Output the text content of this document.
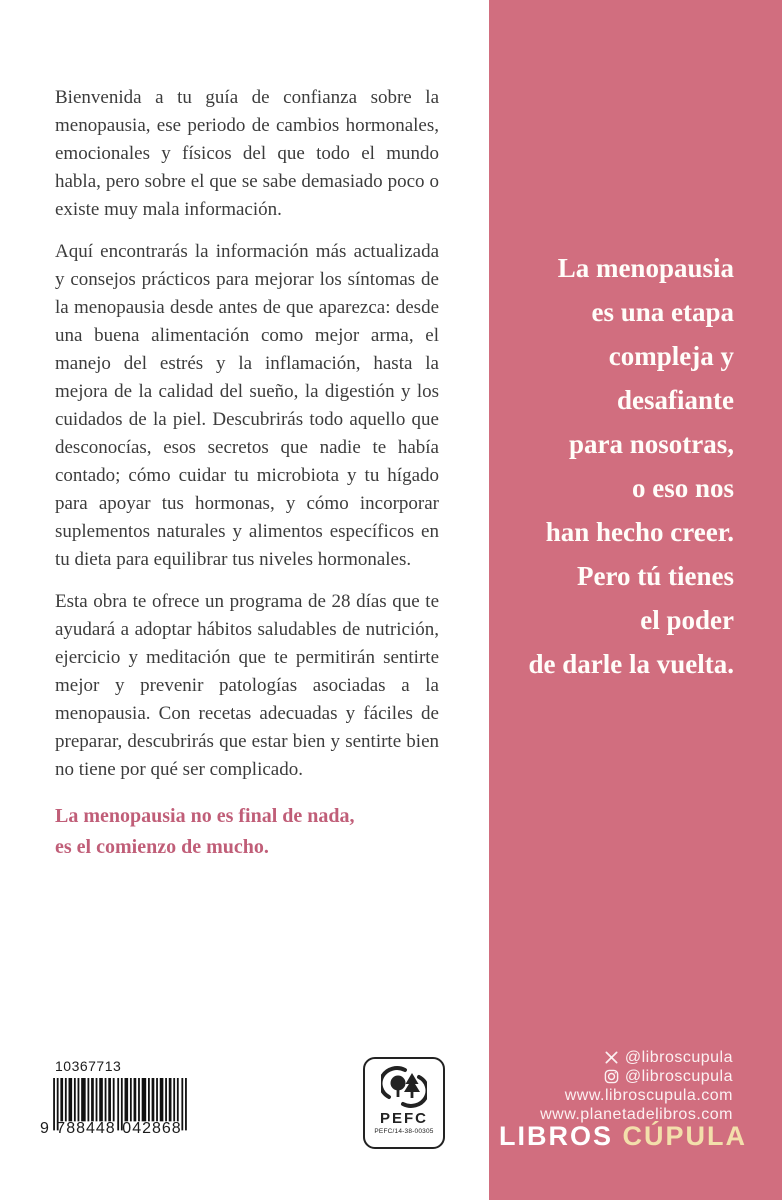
Bienvenida a tu guía de confianza sobre la menopausia, ese periodo de cambios hormonales, emocionales y físicos del que todo el mundo habla, pero sobre el que se sabe demasiado poco o existe muy mala información.

Aquí encontrarás la información más actualizada y consejos prácticos para mejorar los síntomas de la menopausia desde antes de que aparezca: desde una buena alimentación como mejor arma, el manejo del estrés y la inflamación, hasta la mejora de la calidad del sueño, la digestión y los cuidados de la piel. Descubrirás todo aquello que desconocías, esos secretos que nadie te había contado; cómo cuidar tu microbiota y tu hígado para apoyar tus hormonas, y cómo incorporar suplementos naturales y alimentos específicos en tu dieta para equilibrar tus niveles hormonales.

Esta obra te ofrece un programa de 28 días que te ayudará a adoptar hábitos saludables de nutrición, ejercicio y meditación que te permitirán sentirte mejor y prevenir patologías asociadas a la menopausia. Con recetas adecuadas y fáciles de preparar, descubrirás que estar bien y sentirte bien no tiene por qué ser complicado.

La menopausia no es final de nada,
es el comienzo de mucho.
La menopausia
es una etapa
compleja y
desafiante
para nosotras,
o eso nos
han hecho creer.
Pero tú tienes
el poder
de darle la vuelta.
@libroscupula
@libroscupula
www.libroscupula.com
www.planetadelibros.com
LIBROS CÚPULA
10367713
9 788448 042868
PEFC
PEFC/14-38-00305
